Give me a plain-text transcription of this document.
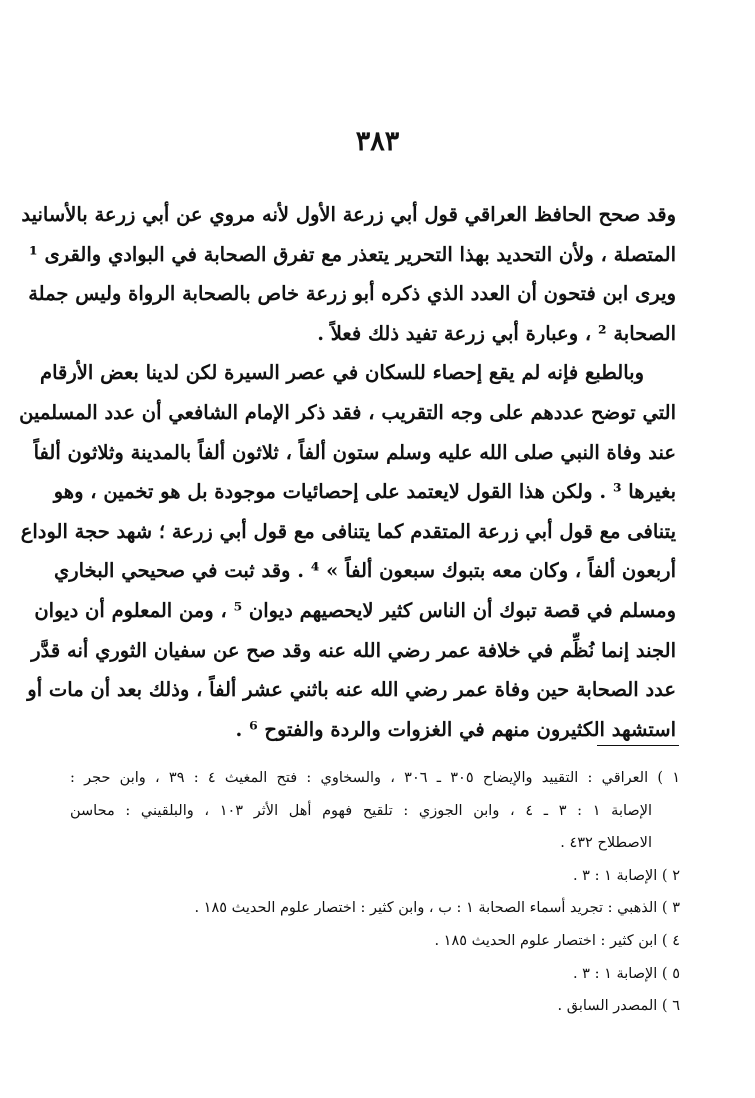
٣٨٣
وقد صحح الحافظ العراقي قول أبي زرعة الأول لأنه مروي عن أبي زرعة بالأسانيد
المتصلة ، ولأن التحديد بهذا التحرير يتعذر مع تفرق الصحابة في البوادي والقرى ¹
ويرى ابن فتحون أن العدد الذي ذكره أبو زرعة خاص بالصحابة الرواة وليس جملة
الصحابة ² ، وعبارة أبي زرعة تفيد ذلك فعلاً .
وبالطبع فإنه لم يقع إحصاء للسكان في عصر السيرة لكن لدينا بعض الأرقام
التي توضح عددهم على وجه التقريب ، فقد ذكر الإمام الشافعي أن عدد المسلمين
عند وفاة النبي صلى الله عليه وسلم ستون ألفاً ، ثلاثون ألفاً بالمدينة وثلاثون ألفاً
بغيرها ³ . ولكن هذا القول لايعتمد على إحصائيات موجودة بل هو تخمين ، وهو
يتنافى مع قول أبي زرعة المتقدم كما يتنافى مع قول أبي زرعة ؛ شهد حجة الوداع
أربعون ألفاً ، وكان معه بتبوك سبعون ألفاً » ⁴ . وقد ثبت في صحيحي البخاري
ومسلم في قصة تبوك أن الناس كثير لايحصيهم ديوان ⁵ ، ومن المعلوم أن ديوان
الجند إنما نُظِّم في خلافة عمر رضي الله عنه وقد صح عن سفيان الثوري أنه قدَّر
عدد الصحابة حين وفاة عمر رضي الله عنه باثني عشر ألفاً ، وذلك بعد أن مات أو
استشهد الكثيرون منهم في الغزوات والردة والفتوح ⁶ .
١ ) العراقي : التقييد والإيضاح ٣٠٥ ـ ٣٠٦ ، والسخاوي : فتح المغيث ٤ : ٣٩ ، وابن حجر :
الإصابة ١ : ٣ ـ ٤ ، وابن الجوزي : تلقيح فهوم أهل الأثر ١٠٣ ، والبلقيني : محاسن
الاصطلاح ٤٣٢ .
٢ ) الإصابة ١ : ٣ .
٣ ) الذهبي : تجريد أسماء الصحابة ١ : ب ، وابن كثير : اختصار علوم الحديث ١٨٥ .
٤ ) ابن كثير : اختصار علوم الحديث ١٨٥ .
٥ ) الإصابة ١ : ٣ .
٦ ) المصدر السابق .
